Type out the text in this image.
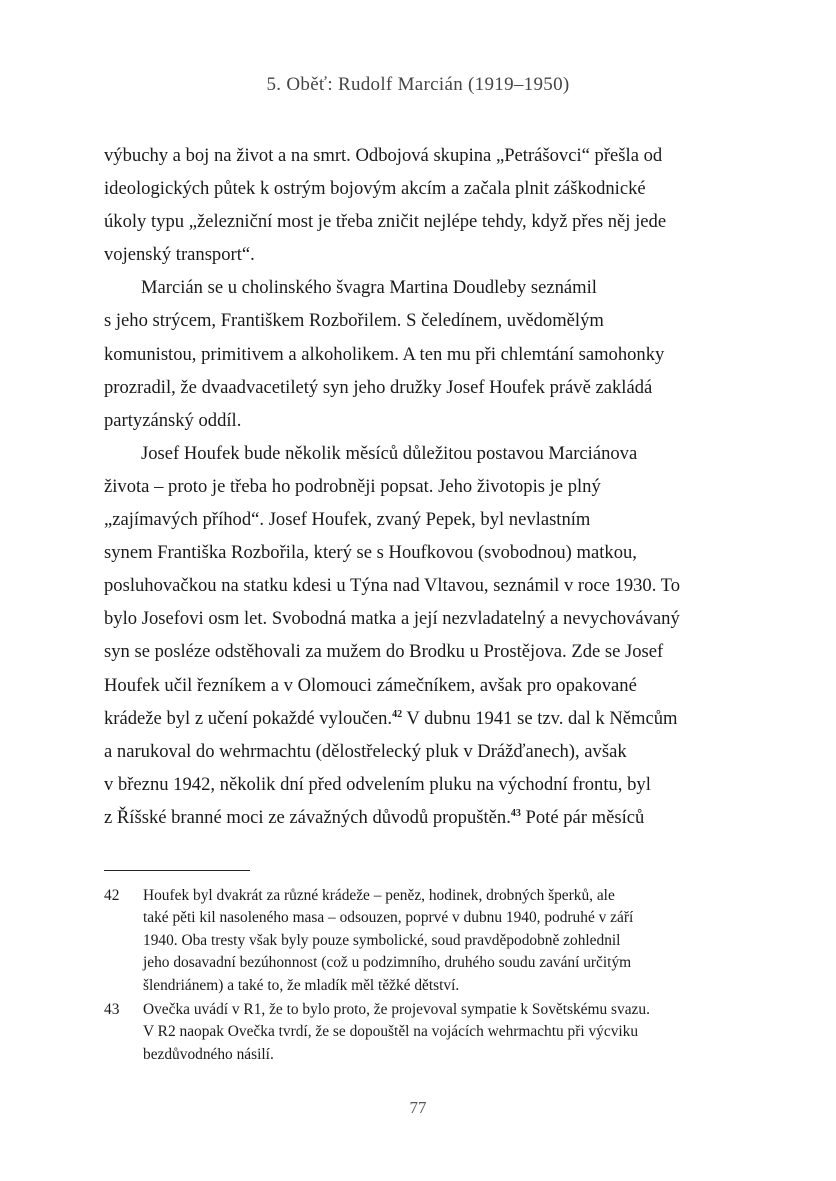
5. Oběť: Rudolf Marcián (1919–1950)

výbuchy a boj na život a na smrt. Odbojová skupina „Petrášovci“ přešla od
ideologických půtek k ostrým bojovým akcím a začala plnit záškodnické
úkoly typu „železniční most je třeba zničit nejlépe tehdy, když přes něj jede
vojenský transport“.

Marcián se u cholinského švagra Martina Doudleby seznámil
s jeho strýcem, Františkem Rozbořilem. S čeledínem, uvědomělým
komunistou, primitivem a alkoholikem. A ten mu při chlemtání samohonky
prozradil, že dvaadvacetiletý syn jeho družky Josef Houfek právě zakládá
partyzánský oddíl.

Josef Houfek bude několik měsíců důležitou postavou Marciánova
života – proto je třeba ho podrobněji popsat. Jeho životopis je plný
„zajímavých příhod“. Josef Houfek, zvaný Pepek, byl nevlastním
synem Františka Rozbořila, který se s Houfkovou (svobodnou) matkou,
posluhovačkou na statku kdesi u Týna nad Vltavou, seznámil v roce 1930. To
bylo Josefovi osm let. Svobodná matka a její nezvladatelný a nevychovávaný
syn se posléze odstěhovali za mužem do Brodku u Prostějova. Zde se Josef
Houfek učil řezníkem a v Olomouci zámečníkem, avšak pro opakované
krádeže byl z učení pokaždé vyloučen.$^{42}$ V dubnu 1941 se tzv. dal k Němcům
a narukoval do wehrmachtu (dělostřelecký pluk v Drážďanech), avšak
v březnu 1942, několik dní před odvelením pluku na východní frontu, byl
z Říšské branné moci ze závažných důvodů propuštěn.$^{43}$ Poté pár měsíců

42 Houfek byl dvakrát za různé krádeže – peněz, hodinek, drobných šperků, ale
také pěti kil nasoleného masa – odsouzen, poprvé v dubnu 1940, podruhé v září
1940. Oba tresty však byly pouze symbolické, soud pravděpodobně zohlednil
jeho dosavadní bezúhonnost (což u podzimního, druhého soudu zavání určitým
šlendriánem) a také to, že mladík měl těžké dětství.
43 Ovečka uvádí v R1, že to bylo proto, že projevoval sympatie k Sovětskému svazu.
V R2 naopak Ovečka tvrdí, že se dopouštěl na vojácích wehrmachtu při výcviku
bezdůvodného násilí.
77
